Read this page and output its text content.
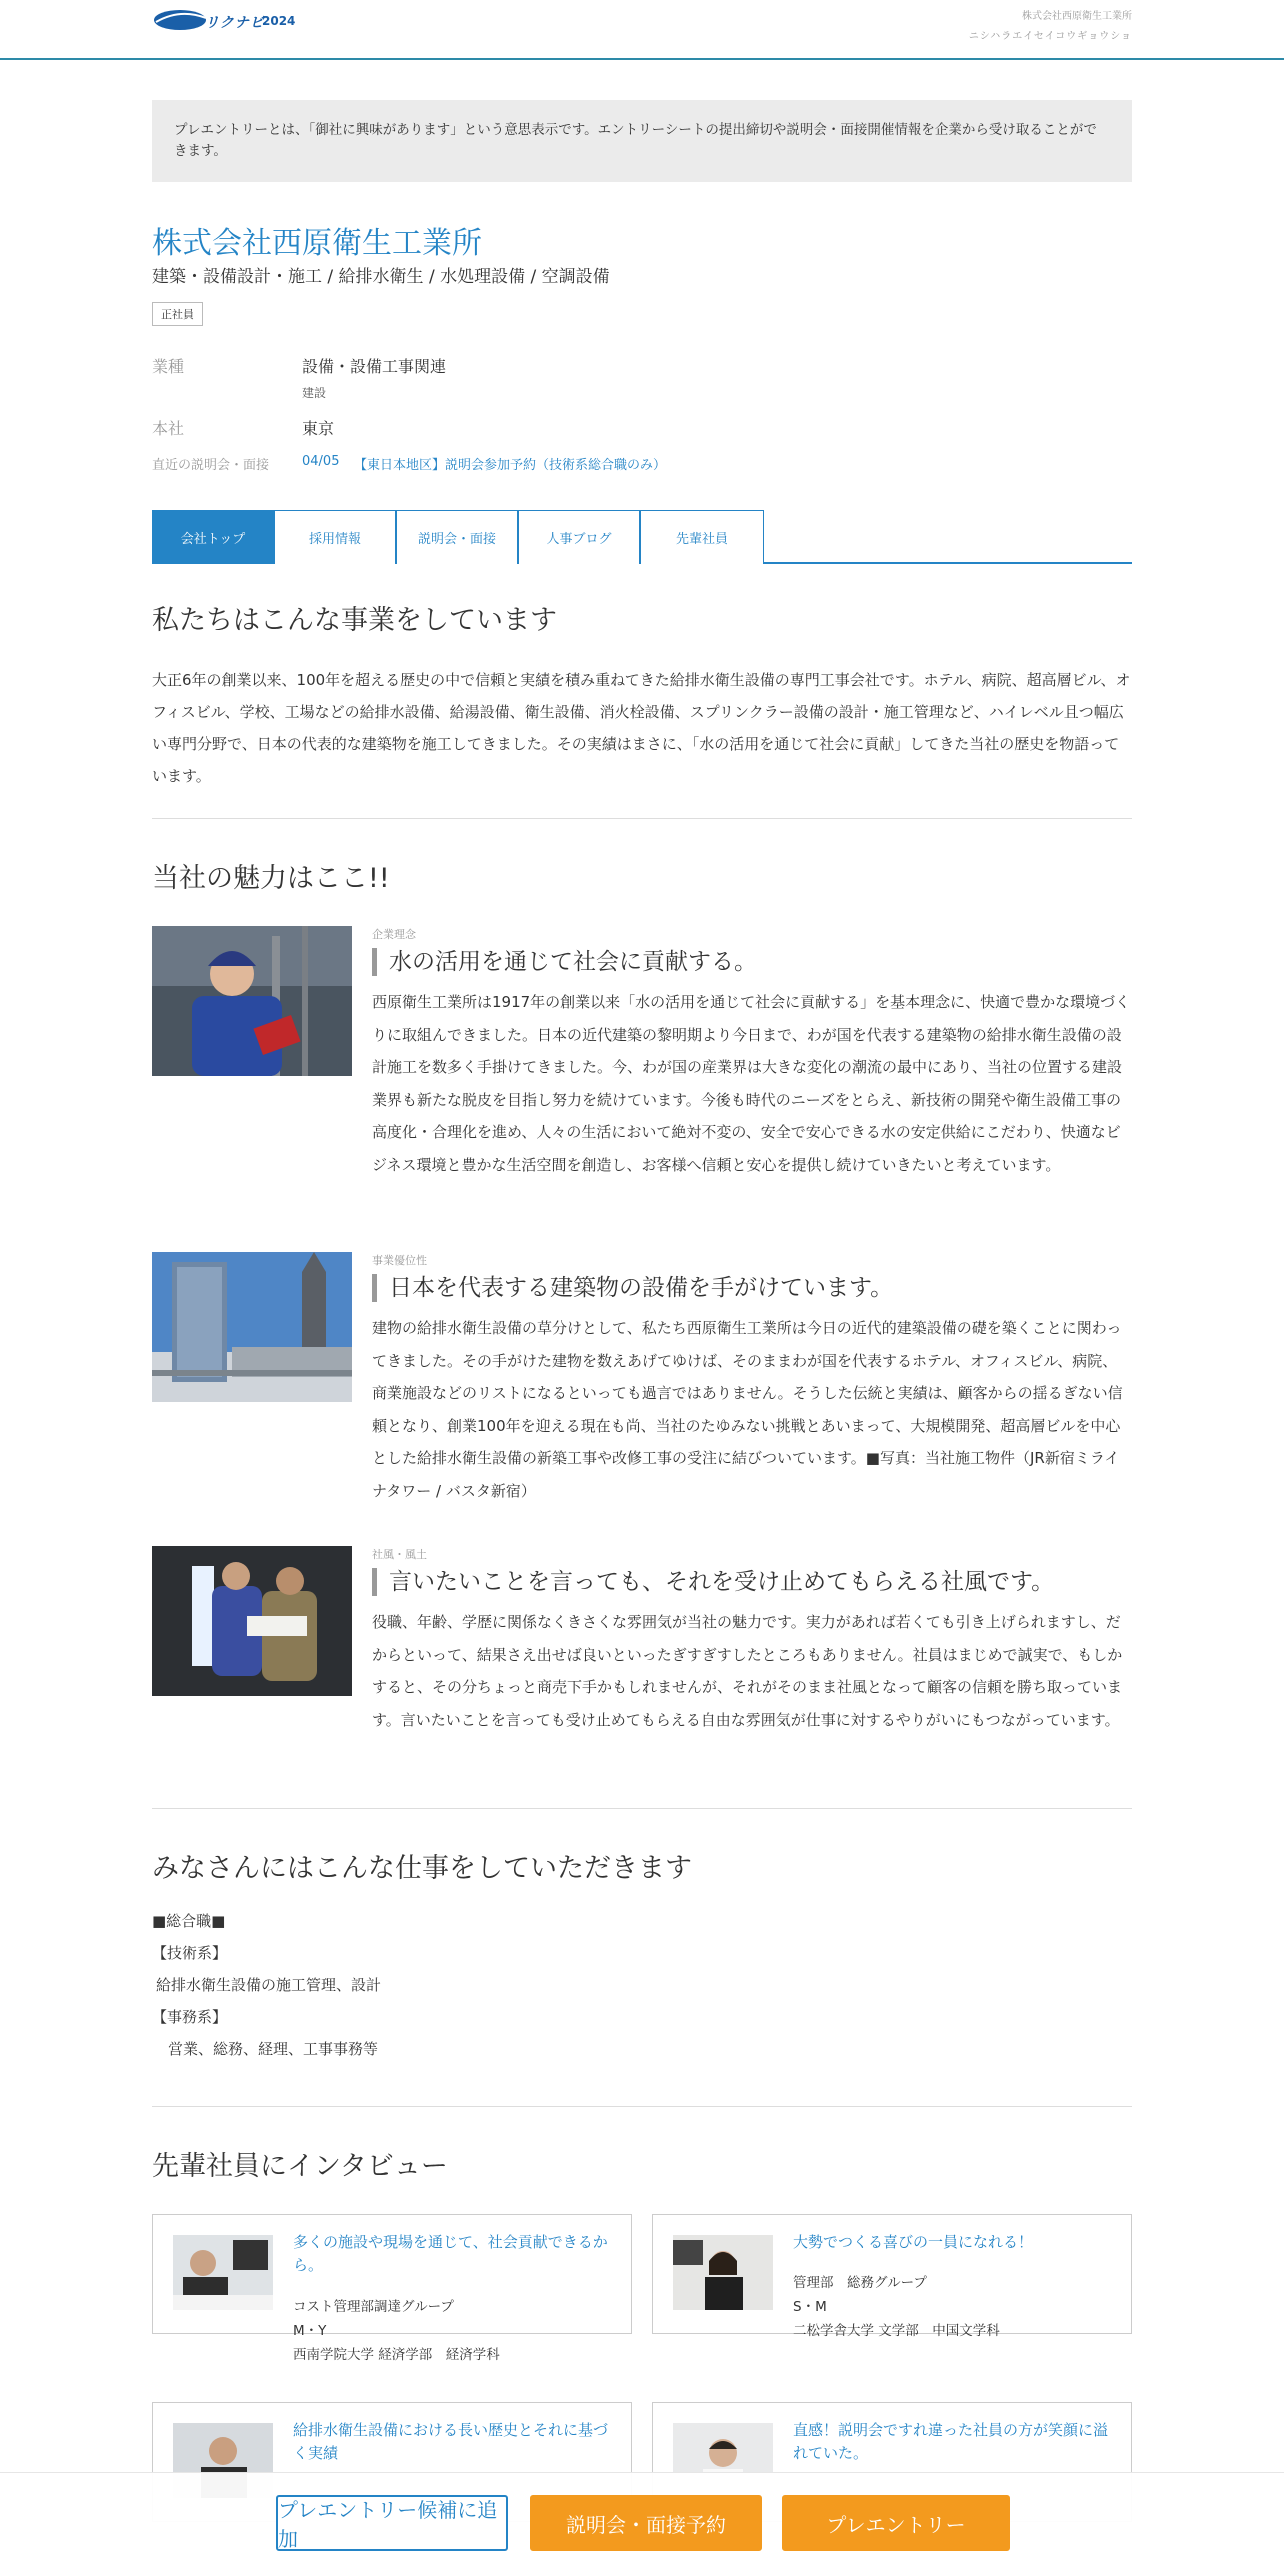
リクナビ
2024	株式会社西原衛生工業所
ニシハラエイセイコウギョウショ
プレエントリーとは、「御社に興味があります」という意思表示です。エントリーシートの提出締切や説明会・面接開催情報を企業から受け取ることができます。
株式会社西原衛生工業所
建築・設備設計・施工 / 給排水衛生 / 水処理設備 / 空調設備
正社員
業種	設備・設備工事関連
建設
本社	東京
直近の説明会・面接	04/05 【東日本地区】説明会参加予約（技術系総合職のみ）
会社トップ	採用情報	説明会・面接	人事ブログ	先輩社員
私たちはこんな事業をしています
大正6年の創業以来、100年を超える歴史の中で信頼と実績を積み重ねてきた給排水衛生設備の専門工事会社です。ホテル、病院、超高層ビル、オフィスビル、学校、工場などの給排水設備、給湯設備、衛生設備、消火栓設備、スプリンクラー設備の設計・施工管理など、ハイレベル且つ幅広い専門分野で、日本の代表的な建築物を施工してきました。その実績はまさに、「水の活用を通じて社会に貢献」してきた当社の歴史を物語っています。
当社の魅力はここ!!
企業理念
水の活用を通じて社会に貢献する。
西原衛生工業所は1917年の創業以来「水の活用を通じて社会に貢献する」を基本理念に、快適で豊かな環境づくりに取組んできました。日本の近代建築の黎明期より今日まで、わが国を代表する建築物の給排水衛生設備の設計施工を数多く手掛けてきました。今、わが国の産業界は大きな変化の潮流の最中にあり、当社の位置する建設業界も新たな脱皮を目指し努力を続けています。今後も時代のニーズをとらえ、新技術の開発や衛生設備工事の高度化・合理化を進め、人々の生活において絶対不変の、安全で安心できる水の安定供給にこだわり、快適なビジネス環境と豊かな生活空間を創造し、お客様へ信頼と安心を提供し続けていきたいと考えています。
事業優位性
日本を代表する建築物の設備を手がけています。
建物の給排水衛生設備の草分けとして、私たち西原衛生工業所は今日の近代的建築設備の礎を築くことに関わってきました。その手がけた建物を数えあげてゆけば、そのままわが国を代表するホテル、オフィスビル、病院、商業施設などのリストになるといっても過言ではありません。そうした伝統と実績は、顧客からの揺るぎない信頼となり、創業100年を迎える現在も尚、当社のたゆみない挑戦とあいまって、大規模開発、超高層ビルを中心とした給排水衛生設備の新築工事や改修工事の受注に結びついています。■写真：当社施工物件（JR新宿ミライナタワー / バスタ新宿）
社風・風土
言いたいことを言っても、それを受け止めてもらえる社風です。
役職、年齢、学歴に関係なくきさくな雰囲気が当社の魅力です。実力があれば若くても引き上げられますし、だからといって、結果さえ出せば良いといったぎすぎすしたところもありません。社員はまじめで誠実で、もしかすると、その分ちょっと商売下手かもしれませんが、それがそのまま社風となって顧客の信頼を勝ち取っています。言いたいことを言っても受け止めてもらえる自由な雰囲気が仕事に対するやりがいにもつながっています。
みなさんにはこんな仕事をしていただきます
■総合職■
【技術系】
給排水衛生設備の施工管理、設計
【事務系】
営業、総務、経理、工事事務等
先輩社員にインタビュー
多くの施設や現場を通じて、社会貢献できるから。
コスト管理部調達グループ
M・Y
西南学院大学 経済学部　経済学科
大勢でつくる喜びの一員になれる！
管理部　総務グループ
S・M
二松学舎大学 文学部　中国文学科
給排水衛生設備における長い歴史とそれに基づく実績
直感！説明会ですれ違った社員の方が笑顔に溢れていた。
プレエントリー候補に追加
説明会・面接予約	プレエントリー
